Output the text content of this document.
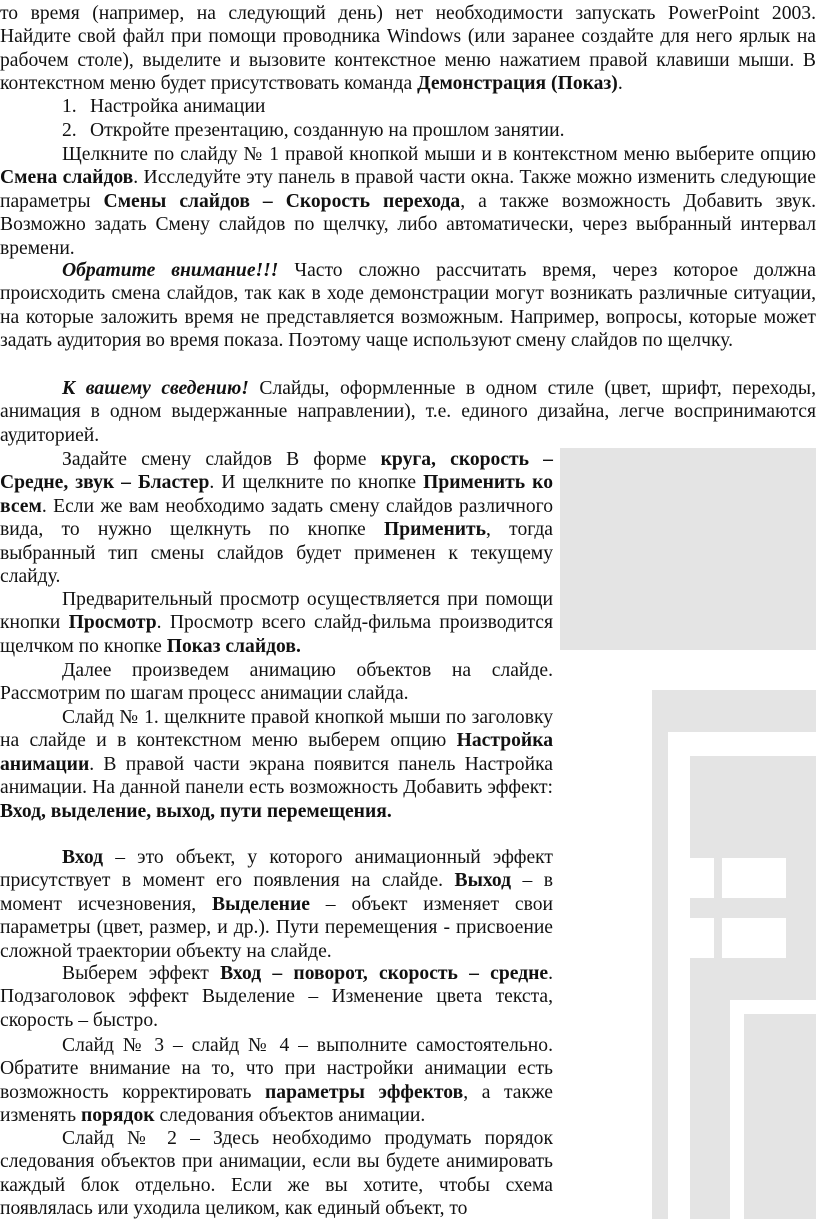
то время (например, на следующий день) нет необходимости запускать PowerPoint 2003. Найдите свой файл при помощи проводника Windows (или заранее создайте для него ярлык на рабочем столе), выделите и вызовите контекстное меню нажатием правой клавиши мыши. В контекстном меню будет присутствовать команда Демонстрация (Показ).

1. Настройка анимации

2. Откройте презентацию, созданную на прошлом занятии.

Щелкните по слайду № 1 правой кнопкой мыши и в контекстном меню выберите опцию Смена слайдов. Исследуйте эту панель в правой части окна. Также можно изменить следующие параметры Смены слайдов – Скорость перехода, а также возможность Добавить звук. Возможно задать Смену слайдов по щелчку, либо автоматически, через выбранный интервал времени.

Обратите внимание!!! Часто сложно рассчитать время, через которое должна происходить смена слайдов, так как в ходе демонстрации могут возникать различные ситуации, на которые заложить время не представляется возможным. Например, вопросы, которые может задать аудитория во время показа. Поэтому чаще используют смену слайдов по щелчку.

К вашему сведению! Слайды, оформленные в одном стиле (цвет, шрифт, переходы, анимация в одном выдержанные направлении), т.е. единого дизайна, легче воспринимаются аудиторией.

Задайте смену слайдов В форме круга, скорость – Средне, звук – Бластер. И щелкните по кнопке Применить ко всем. Если же вам необходимо задать смену слайдов различного вида, то нужно щелкнуть по кнопке Применить, тогда выбранный тип смены слайдов будет применен к текущему слайду.

Предварительный просмотр осуществляется при помощи кнопки Просмотр. Просмотр всего слайд-фильма производится щелчком по кнопке Показ слайдов.

Далее произведем анимацию объектов на слайде. Рассмотрим по шагам процесс анимации слайда.

Слайд № 1. щелкните правой кнопкой мыши по заголовку на слайде и в контекстном меню выберем опцию Настройка анимации. В правой части экрана появится панель Настройка анимации. На данной панели есть возможность Добавить эффект: Вход, выделение, выход, пути перемещения.

Вход – это объект, у которого анимационный эффект присутствует в момент его появления на слайде. Выход – в момент исчезновения, Выделение – объект изменяет свои параметры (цвет, размер, и др.). Пути перемещения - присвоение сложной траектории объекту на слайде.

Выберем эффект Вход – поворот, скорость – средне. Подзаголовок эффект Выделение – Изменение цвета текста, скорость – быстро.

Слайд № 3 – слайд № 4 – выполните самостоятельно. Обратите внимание на то, что при настройки анимации есть возможность корректировать параметры эффектов, а также изменять порядок следования объектов анимации.

Слайд № 2 – Здесь необходимо продумать порядок следования объектов при анимации, если вы будете анимировать каждый блок отдельно. Если же вы хотите, чтобы схема появлялась или уходила целиком, как единый объект, то
